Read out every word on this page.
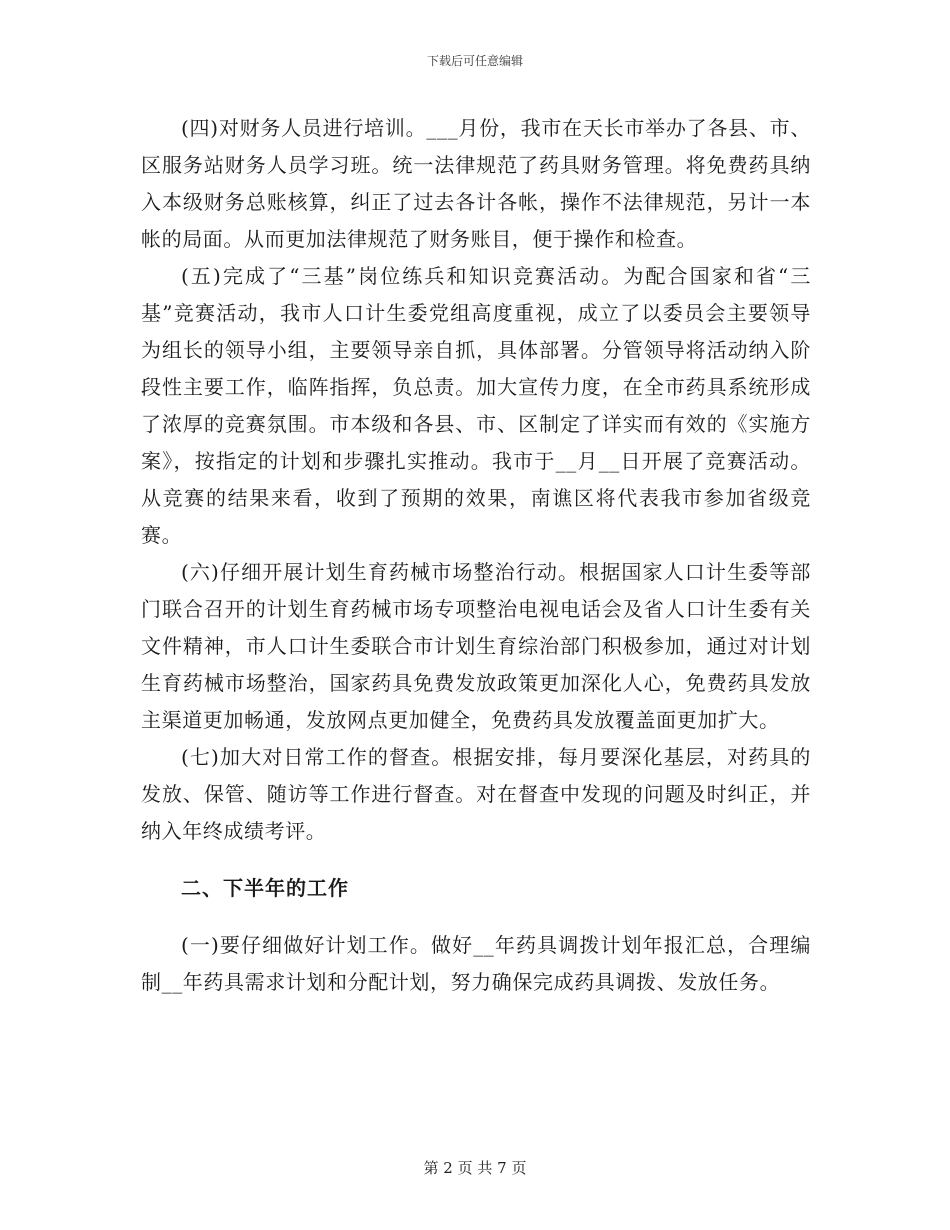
下载后可任意编辑

(四)对财务人员进行培训。___月份，我市在天长市举办了各县、市、区服务站财务人员学习班。统一法律规范了药具财务管理。将免费药具纳入本级财务总账核算，纠正了过去各计各帐，操作不法律规范，另计一本帐的局面。从而更加法律规范了财务账目，便于操作和检查。

(五)完成了“三基”岗位练兵和知识竞赛活动。为配合国家和省“三基”竞赛活动，我市人口计生委党组高度重视，成立了以委员会主要领导为组长的领导小组，主要领导亲自抓，具体部署。分管领导将活动纳入阶段性主要工作，临阵指挥，负总责。加大宣传力度，在全市药具系统形成了浓厚的竞赛氛围。市本级和各县、市、区制定了详实而有效的《实施方案》，按指定的计划和步骤扎实推动。我市于__月__日开展了竞赛活动。从竞赛的结果来看，收到了预期的效果，南谯区将代表我市参加省级竞赛。

(六)仔细开展计划生育药械市场整治行动。根据国家人口计生委等部门联合召开的计划生育药械市场专项整治电视电话会及省人口计生委有关文件精神，市人口计生委联合市计划生育综治部门积极参加，通过对计划生育药械市场整治，国家药具免费发放政策更加深化人心，免费药具发放主渠道更加畅通，发放网点更加健全，免费药具发放覆盖面更加扩大。

(七)加大对日常工作的督查。根据安排，每月要深化基层，对药具的发放、保管、随访等工作进行督查。对在督查中发现的问题及时纠正，并纳入年终成绩考评。

二、下半年的工作

(一)要仔细做好计划工作。做好__年药具调拨计划年报汇总，合理编制__年药具需求计划和分配计划，努力确保完成药具调拨、发放任务。

第 2 页 共 7 页
